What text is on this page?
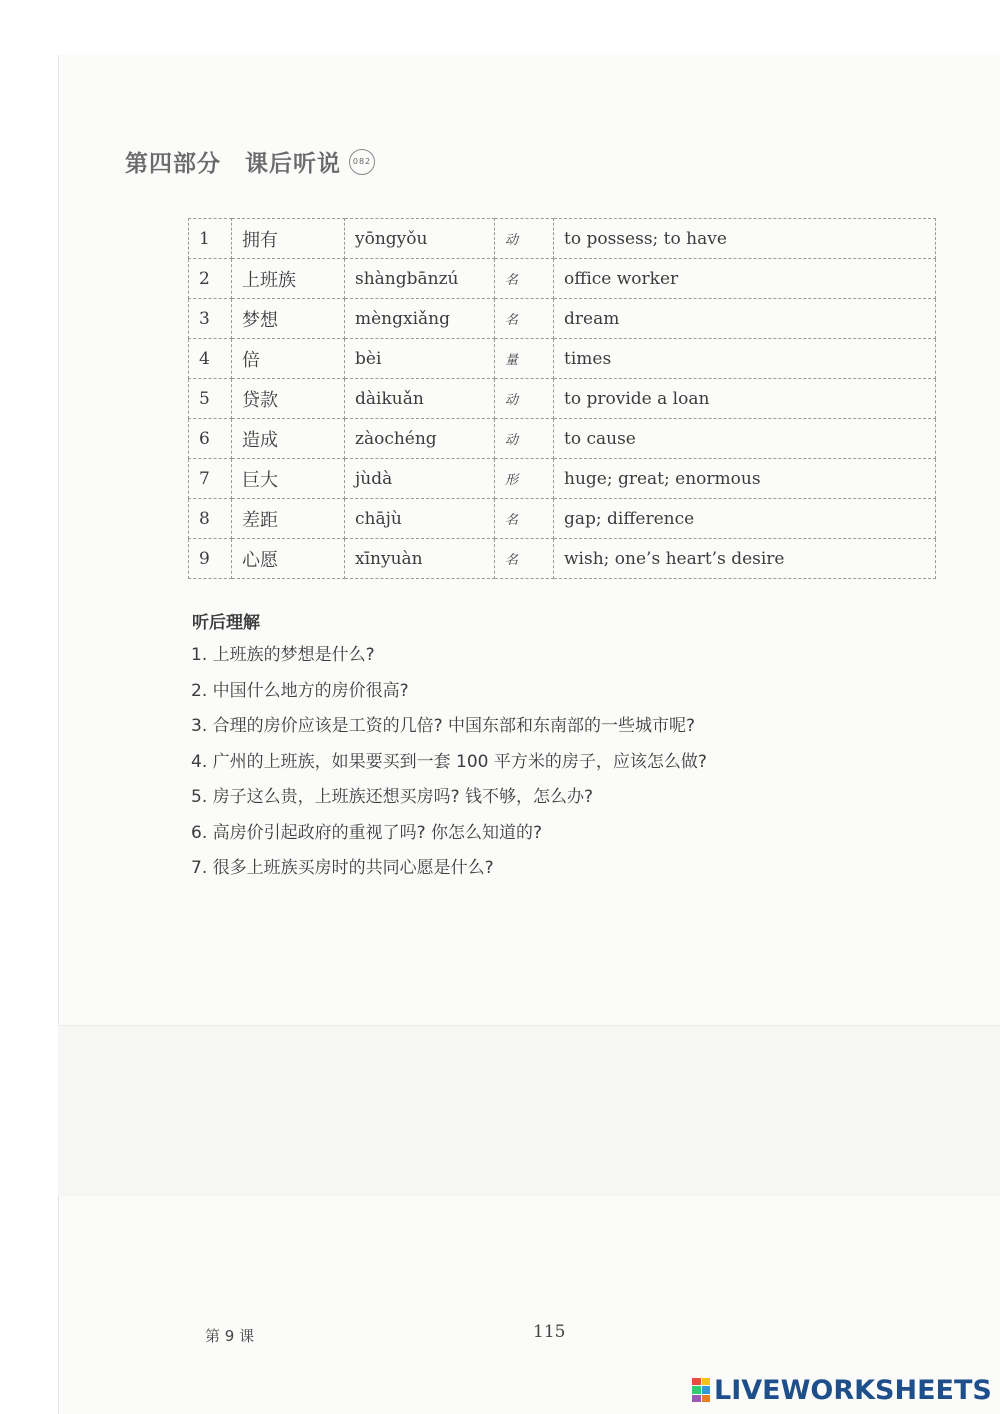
第四部分 课后听说	082
1	拥有	yōngyǒu	动	to possess; to have
2	上班族	shàngbānzú	名	office worker
3	梦想	mèngxiǎng	名	dream
4	倍	bèi	量	times
5	贷款	dàikuǎn	动	to provide a loan
6	造成	zàochéng	动	to cause
7	巨大	jùdà	形	huge; great; enormous
8	差距	chājù	名	gap; difference
9	心愿	xīnyuàn	名	wish; one’s heart’s desire
听后理解
1. 上班族的梦想是什么?
2. 中国什么地方的房价很高?
3. 合理的房价应该是工资的几倍? 中国东部和东南部的一些城市呢?
4. 广州的上班族，如果要买到一套 100 平方米的房子，应该怎么做?
5. 房子这么贵，上班族还想买房吗? 钱不够，怎么办?
6. 高房价引起政府的重视了吗? 你怎么知道的?
7. 很多上班族买房时的共同心愿是什么?
第 9 课	115
LIVEWORKSHEETS
